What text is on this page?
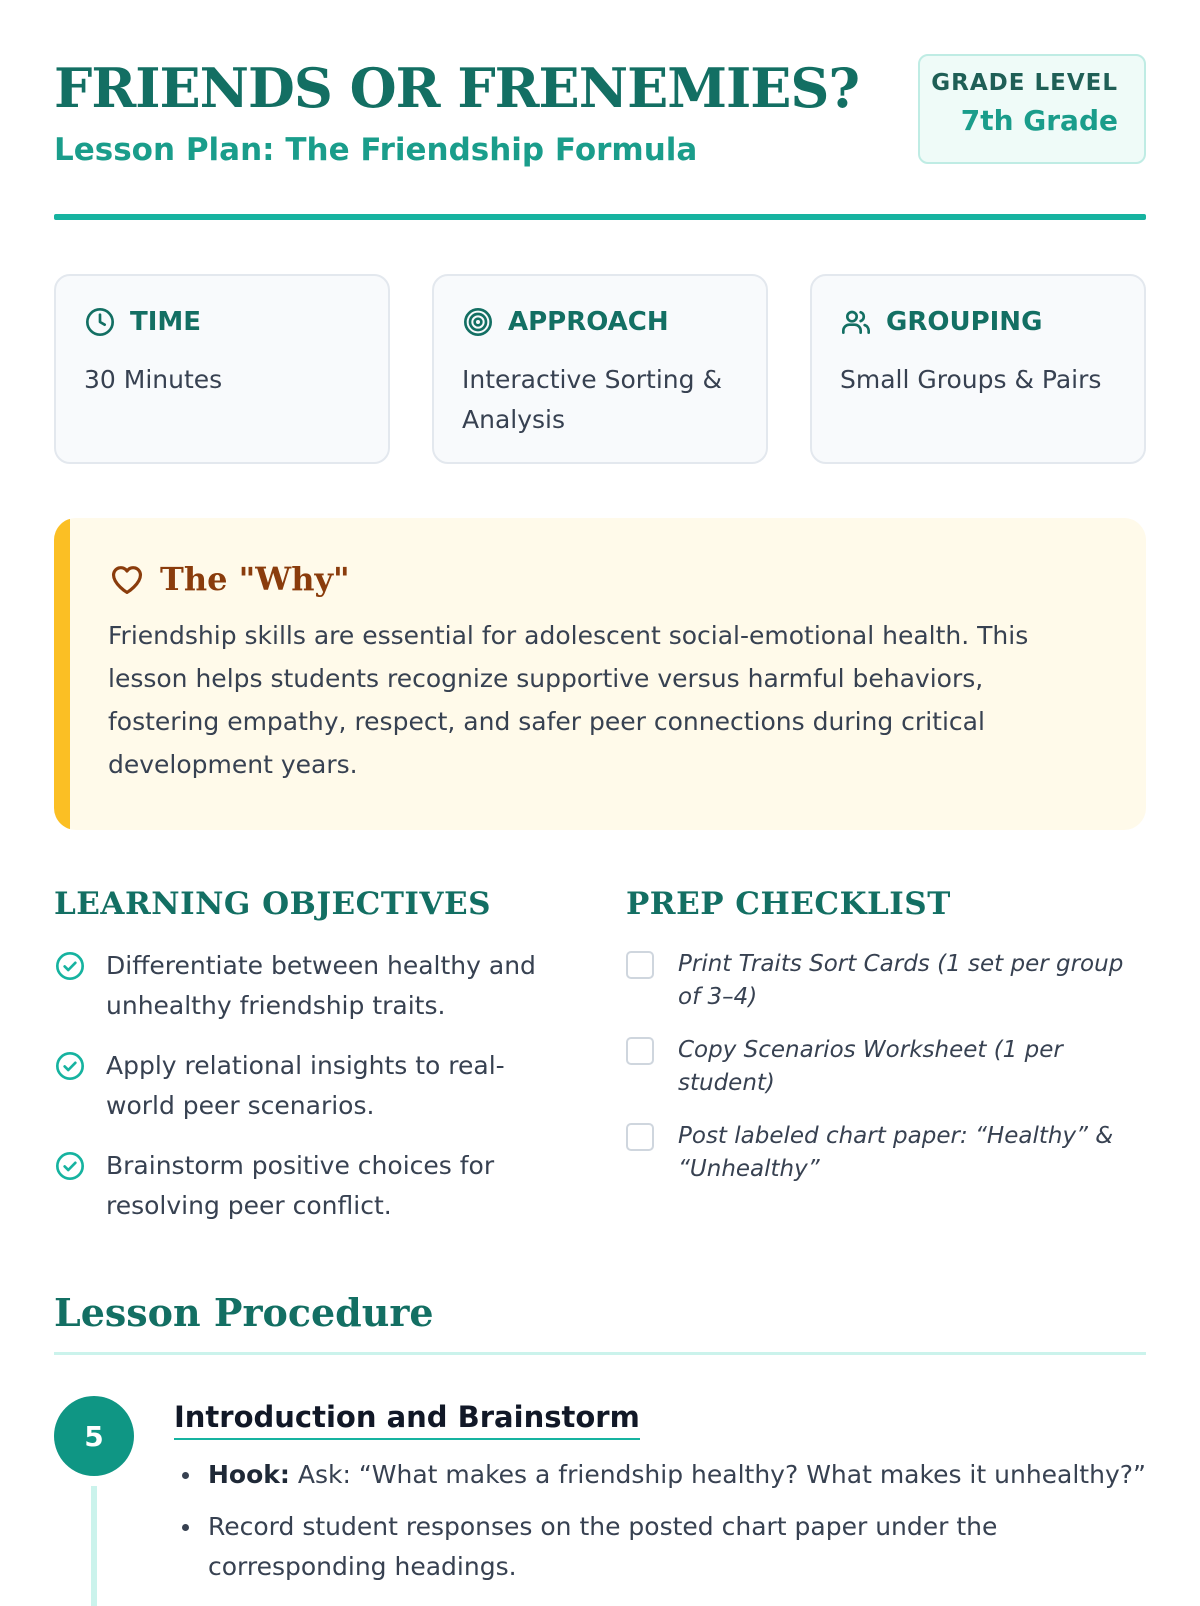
FRIENDS OR FRENEMIES?
Lesson Plan: The Friendship Formula
GRADE LEVEL
7th Grade
TIME
30 Minutes
APPROACH
Interactive Sorting & Analysis
GROUPING
Small Groups & Pairs
The "Why"

Friendship skills are essential for adolescent social-emotional health. This lesson helps students recognize supportive versus harmful behaviors, fostering empathy, respect, and safer peer connections during critical development years.

LEARNING OBJECTIVES
Differentiate between healthy and unhealthy friendship traits.
Apply relational insights to real-world peer scenarios.
Brainstorm positive choices for resolving peer conflict.
PREP CHECKLIST
Print Traits Sort Cards (1 set per group of 3–4)
Copy Scenarios Worksheet (1 per student)
Post labeled chart paper: “Healthy” & “Unhealthy”
Lesson Procedure
5
Introduction and Brainstorm
Hook: Ask: “What makes a friendship healthy? What makes it unhealthy?”
Record student responses on the posted chart paper under the corresponding headings.
